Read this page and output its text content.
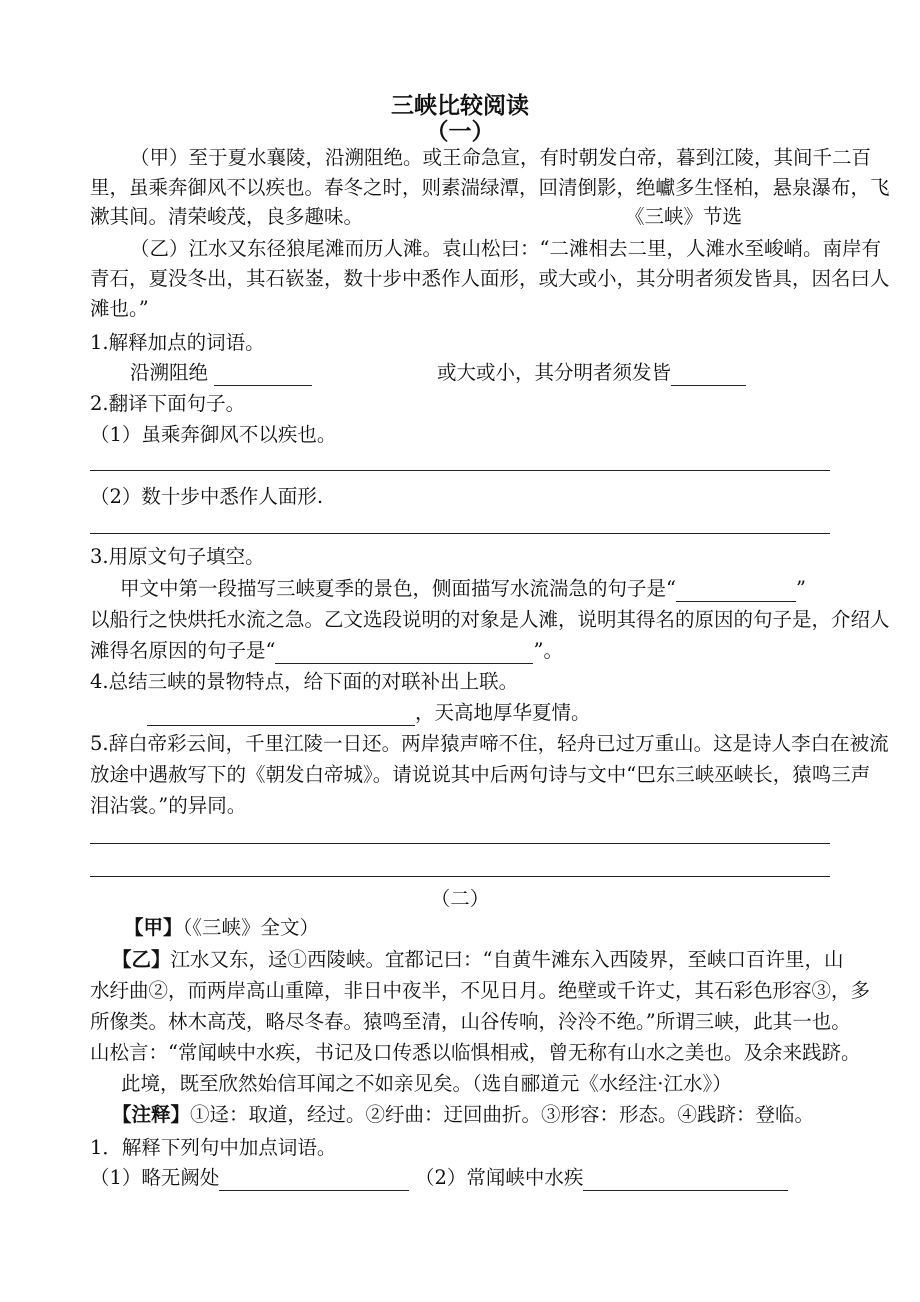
三峡比较阅读
（一）
（甲）至于夏水襄陵，沿溯阻绝。或王命急宣，有时朝发白帝，暮到江陵，其间千二百
里，虽乘奔御风不以疾也。春冬之时，则素湍绿潭，回清倒影，绝巘多生怪柏，悬泉瀑布，飞
漱其间。清荣峻茂，良多趣味。	《三峡》节选
（乙）江水又东径狼尾滩而历人滩。袁山松曰：“二滩相去二里，人滩水至峻峭。南岸有
青石，夏没冬出，其石嵚崟，数十步中悉作人面形，或大或小，其分明者须发皆具，因名曰人
滩也。”
1.解释加点的词语。
沿溯阻绝	或大或小，其分明者须发皆
2.翻译下面句子。
（1）虽乘奔御风不以疾也。
（2）数十步中悉作人面形.
3.用原文句子填空。
甲文中第一段描写三峡夏季的景色，侧面描写水流湍急的句子是“	”
以船行之快烘托水流之急。乙文选段说明的对象是人滩，说明其得名的原因的句子是，介绍人
滩得名原因的句子是“	”。
4.总结三峡的景物特点，给下面的对联补出上联。
，天高地厚华夏情。
5.辞白帝彩云间，千里江陵一日还。两岸猿声啼不住，轻舟已过万重山。这是诗人李白在被流
放途中遇赦写下的《朝发白帝城》。请说说其中后两句诗与文中“巴东三峡巫峡长，猿鸣三声
泪沾裳。”的异同。
（二）
【甲】（《三峡》全文）
【乙】江水又东，迳①西陵峡。宜都记曰：“自黄牛滩东入西陵界，至峡口百许里，山
水纡曲②，而两岸高山重障，非日中夜半，不见日月。绝壁或千许丈，其石彩色形容③，多
所像类。林木高茂，略尽冬春。猿鸣至清，山谷传响，泠泠不绝。”所谓三峡，此其一也。
山松言：“常闻峡中水疾，书记及口传悉以临惧相戒，曾无称有山水之美也。及余来践跻。
此境，既至欣然始信耳闻之不如亲见矣。（选自郦道元《水经注·江水》）
【注释】①迳：取道，经过。②纡曲：迂回曲折。③形容：形态。④践跻：登临。
1．解释下列句中加点词语。
（1）略无阙处	（2）常闻峡中水疾
